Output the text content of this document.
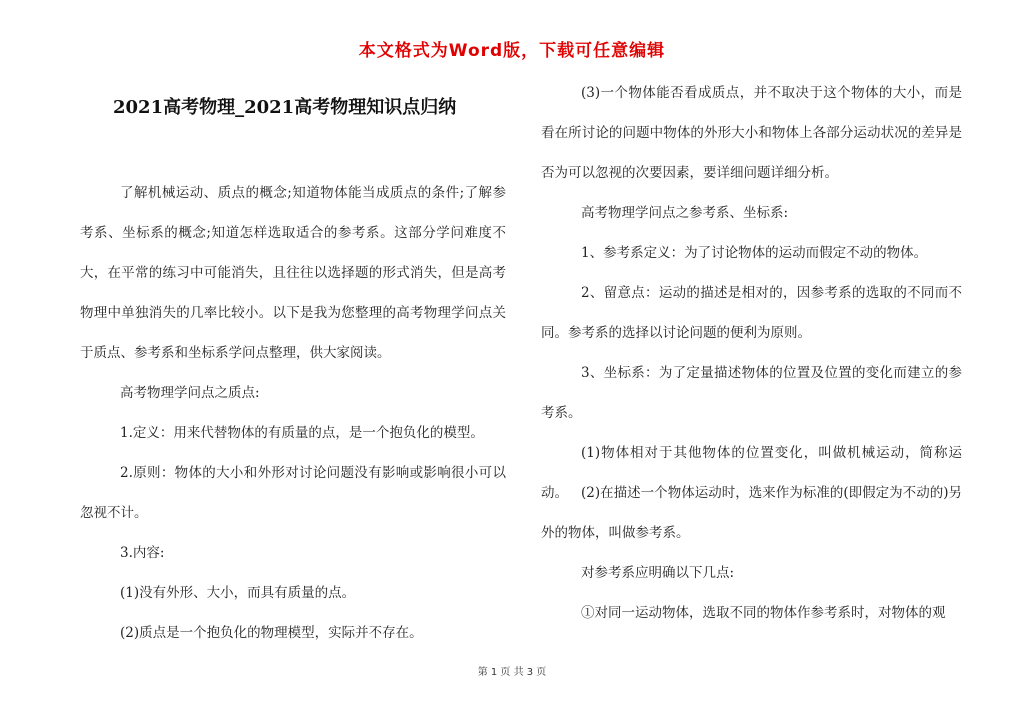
本文格式为Word版，下载可任意编辑
2021高考物理_2021高考物理知识点归纳

了解机械运动、质点的概念;知道物体能当成质点的条件;了解参考系、坐标系的概念;知道怎样选取适合的参考系。这部分学问难度不大，在平常的练习中可能消失，且往往以选择题的形式消失，但是高考物理中单独消失的几率比较小。以下是我为您整理的高考物理学问点关于质点、参考系和坐标系学问点整理，供大家阅读。

高考物理学问点之质点:

1.定义：用来代替物体的有质量的点，是一个抱负化的模型。

2.原则：物体的大小和外形对讨论问题没有影响或影响很小可以忽视不计。

3.内容:

(1)没有外形、大小，而具有质量的点。

(2)质点是一个抱负化的物理模型，实际并不存在。

(3)一个物体能否看成质点，并不取决于这个物体的大小，而是看在所讨论的问题中物体的外形大小和物体上各部分运动状况的差异是否为可以忽视的次要因素，要详细问题详细分析。

高考物理学问点之参考系、坐标系:

1、参考系定义：为了讨论物体的运动而假定不动的物体。

2、留意点：运动的描述是相对的，因参考系的选取的不同而不同。参考系的选择以讨论问题的便利为原则。

3、坐标系：为了定量描述物体的位置及位置的变化而建立的参考系。

(1)物体相对于其他物体的位置变化，叫做机械运动，简称运动。 (2)在描述一个物体运动时，选来作为标准的(即假定为不动的)另外的物体，叫做参考系。

对参考系应明确以下几点:

①对同一运动物体，选取不同的物体作参考系时，对物体的观

第 1 页 共 3 页
